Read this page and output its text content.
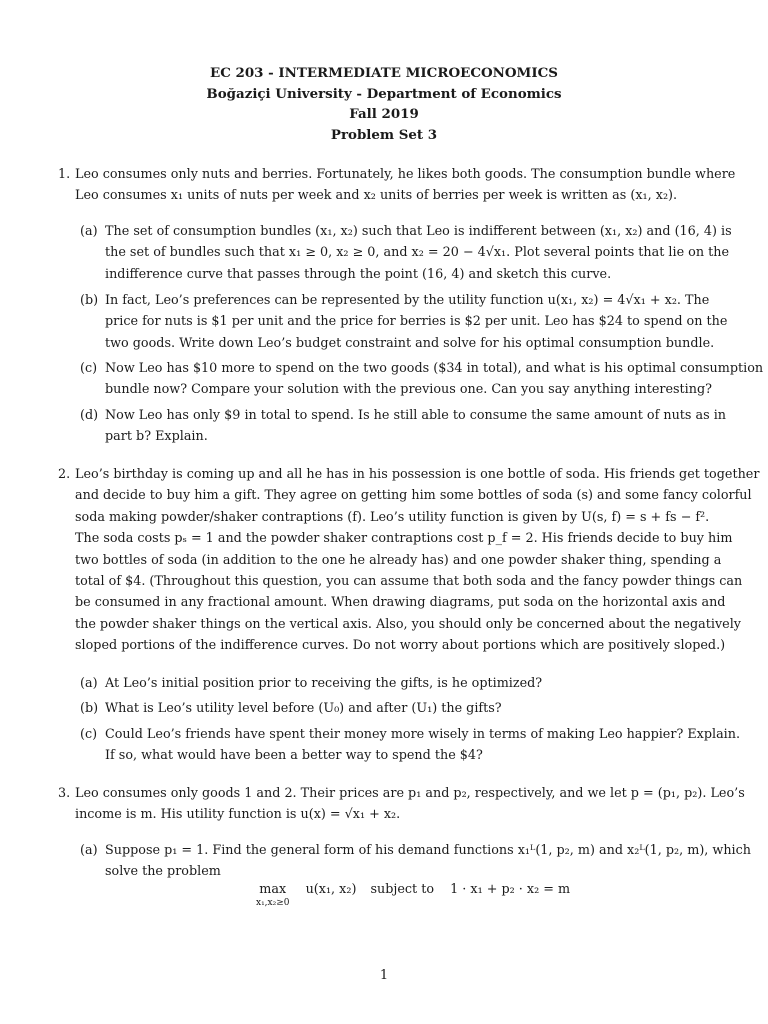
EC 203 - INTERMEDIATE MICROECONOMICS
Boğaziçi University - Department of Economics
Fall 2019
Problem Set 3
1. Leo consumes only nuts and berries. Fortunately, he likes both goods. The consumption bundle where
Leo consumes x₁ units of nuts per week and x₂ units of berries per week is written as (x₁, x₂).
(a) The set of consumption bundles (x₁, x₂) such that Leo is indifferent between (x₁, x₂) and (16, 4) is
the set of bundles such that x₁ ≥ 0, x₂ ≥ 0, and x₂ = 20 − 4√x₁. Plot several points that lie on the
indifference curve that passes through the point (16, 4) and sketch this curve.
(b) In fact, Leo’s preferences can be represented by the utility function u(x₁, x₂) = 4√x₁ + x₂. The
price for nuts is $1 per unit and the price for berries is $2 per unit. Leo has $24 to spend on the
two goods. Write down Leo’s budget constraint and solve for his optimal consumption bundle.
(c) Now Leo has $10 more to spend on the two goods ($34 in total), and what is his optimal consumption
bundle now? Compare your solution with the previous one. Can you say anything interesting?
(d) Now Leo has only $9 in total to spend. Is he still able to consume the same amount of nuts as in
part b? Explain.
2. Leo’s birthday is coming up and all he has in his possession is one bottle of soda. His friends get together
and decide to buy him a gift. They agree on getting him some bottles of soda (s) and some fancy colorful
soda making powder/shaker contraptions (f). Leo’s utility function is given by U(s, f) = s + fs − f².
The soda costs pₛ = 1 and the powder shaker contraptions cost p_f = 2. His friends decide to buy him
two bottles of soda (in addition to the one he already has) and one powder shaker thing, spending a
total of $4. (Throughout this question, you can assume that both soda and the fancy powder things can
be consumed in any fractional amount. When drawing diagrams, put soda on the horizontal axis and
the powder shaker things on the vertical axis. Also, you should only be concerned about the negatively
sloped portions of the indifference curves. Do not worry about portions which are positively sloped.)
(a) At Leo’s initial position prior to receiving the gifts, is he optimized?
(b) What is Leo’s utility level before (U₀) and after (U₁) the gifts?
(c) Could Leo’s friends have spent their money more wisely in terms of making Leo happier? Explain.
If so, what would have been a better way to spend the $4?
3. Leo consumes only goods 1 and 2. Their prices are p₁ and p₂, respectively, and we let p = (p₁, p₂). Leo’s
income is m. His utility function is u(x) = √x₁ + x₂.
(a) Suppose p₁ = 1. Find the general form of his demand functions x₁ᴸ(1, p₂, m) and x₂ᴸ(1, p₂, m), which
solve the problem
max
x₁,x₂≥0
u(x₁, x₂) subject to 1 · x₁ + p₂ · x₂ = m
1
